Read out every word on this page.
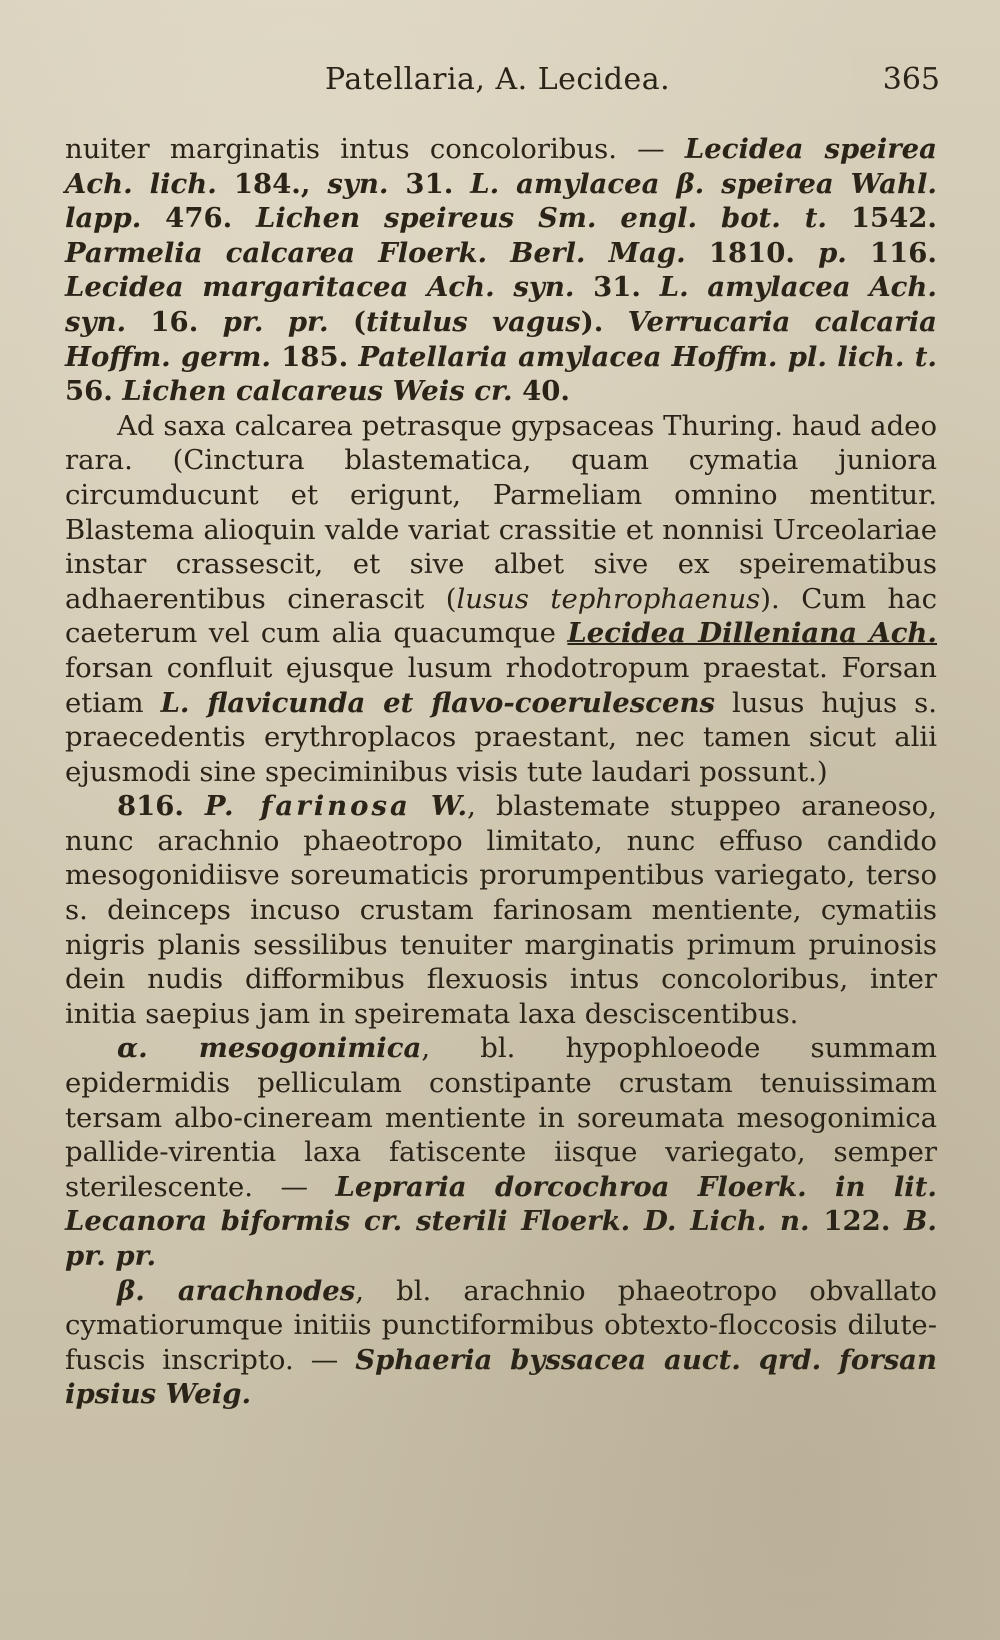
Patellaria, A. Lecidea.	365

nuiter marginatis intus concoloribus. — Lecidea speirea Ach. lich. 184., syn. 31. L. amylacea β. speirea Wahl. lapp. 476. Lichen speireus Sm. engl. bot. t. 1542. Parmelia calcarea Floerk. Berl. Mag. 1810. p. 116. Lecidea margaritacea Ach. syn. 31. L. amylacea Ach. syn. 16. pr. pr. (titulus vagus). Verrucaria calcaria Hoffm. germ. 185. Patellaria amylacea Hoffm. pl. lich. t. 56. Lichen calcareus Weis cr. 40.

Ad saxa calcarea petrasque gypsaceas Thuring. haud adeo rara. (Cinctura blastematica, quam cymatia juniora circumducunt et erigunt, Parmeliam omnino mentitur. Blastema alioquin valde variat crassitie et nonnisi Urceolariae instar crassescit, et sive albet sive ex speirematibus adhaerentibus cinerascit (lusus tephrophaenus). Cum hac caeterum vel cum alia quacumque Lecidea Dilleniana Ach. forsan confluit ejusque lusum rhodotropum praestat. Forsan etiam L. flavicunda et flavo-coerulescens lusus hujus s. praecedentis erythroplacos praestant, nec tamen sicut alii ejusmodi sine speciminibus visis tute laudari possunt.)

816. P. farinosa W., blastemate stuppeo araneoso, nunc arachnio phaeotropo limitato, nunc effuso candido mesogonidiisve soreumaticis prorumpentibus variegato, terso s. deinceps incuso crustam farinosam mentiente, cymatiis nigris planis sessilibus tenuiter marginatis primum pruinosis dein nudis difformibus flexuosis intus concoloribus, inter initia saepius jam in speiremata laxa desciscentibus.

α. mesogonimica, bl. hypophloeode summam epidermidis pelliculam constipante crustam tenuissimam tersam albo-cineream mentiente in soreumata mesogonimica pallide-virentia laxa fatiscente iisque variegato, semper sterilescente. — Lepraria dorcochroa Floerk. in lit. Lecanora biformis cr. sterili Floerk. D. Lich. n. 122. B. pr. pr.

β. arachnodes, bl. arachnio phaeotropo obvallato cymatiorumque initiis punctiformibus obtexto-floccosis dilute-fuscis inscripto. — Sphaeria byssacea auct. qrd. forsan ipsius Weig.
